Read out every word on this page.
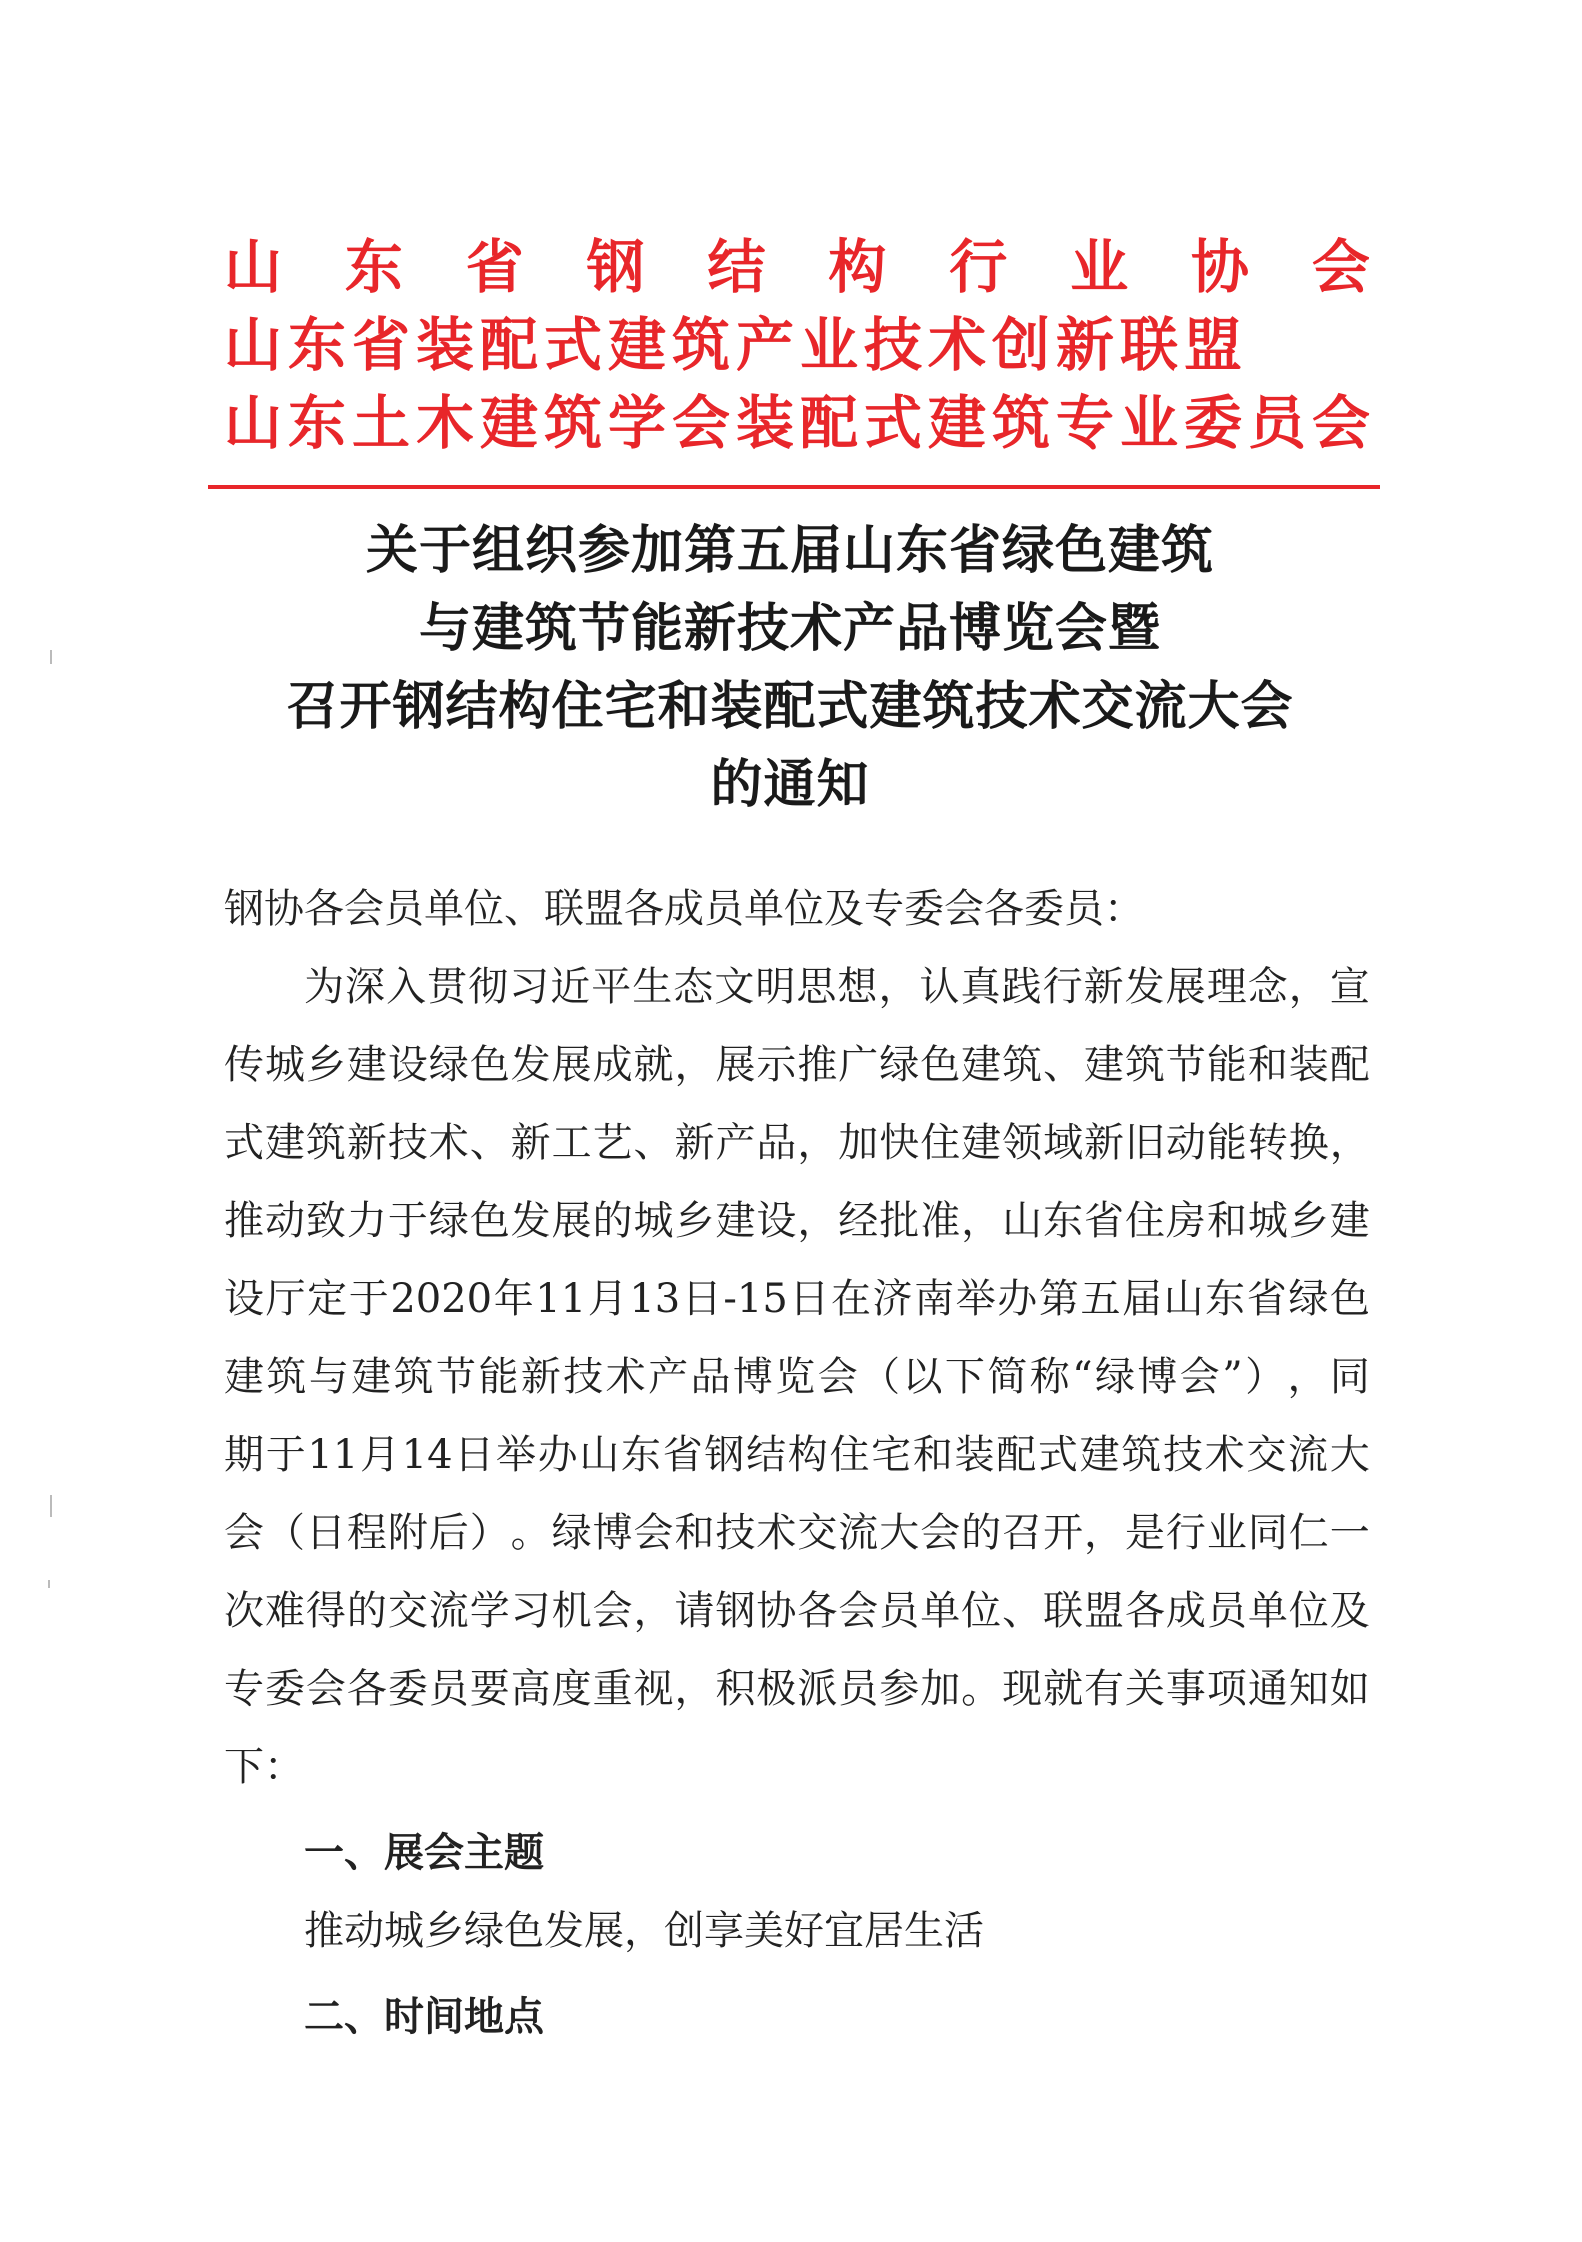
山 东 省 钢 结 构 行 业 协 会
山东省装配式建筑产业技术创新联盟
山东土木建筑学会装配式建筑专业委员会
关于组织参加第五届山东省绿色建筑
与建筑节能新技术产品博览会暨
召开钢结构住宅和装配式建筑技术交流大会
的通知
钢协各会员单位、联盟各成员单位及专委会各委员：
为 深 入 贯 彻 习 近 平 生 态 文 明 思 想 ， 认 真 践 行 新 发 展 理 念 ， 宣
传 城 乡 建 设 绿 色 发 展 成 就 ， 展 示 推 广 绿 色 建 筑 、 建 筑 节 能 和 装 配
式 建 筑 新 技 术 、 新 工 艺 、 新 产 品 ， 加 快 住 建 领 域 新 旧 动 能 转 换 ，
推 动 致 力 于 绿 色 发 展 的 城 乡 建 设 ， 经 批 准 ， 山 东 省 住 房 和 城 乡 建
设 厅 定 于 2020 年 11 月 13 日 -15 日 在 济 南 举 办 第 五 届 山 东 省 绿 色
建 筑 与 建 筑 节 能 新 技 术 产 品 博 览 会 （ 以 下 简 称 “ 绿 博 会 ” ） ， 同
期 于 11 月 14 日 举 办 山 东 省 钢 结 构 住 宅 和 装 配 式 建 筑 技 术 交 流 大
会 （ 日 程 附 后 ） 。 绿 博 会 和 技 术 交 流 大 会 的 召 开 ， 是 行 业 同 仁 一
次 难 得 的 交 流 学 习 机 会 ， 请 钢 协 各 会 员 单 位 、 联 盟 各 成 员 单 位 及
专 委 会 各 委 员 要 高 度 重 视 ， 积 极 派 员 参 加 。 现 就 有 关 事 项 通 知 如
下：
一、展会主题
推动城乡绿色发展，创享美好宜居生活
二、时间地点
